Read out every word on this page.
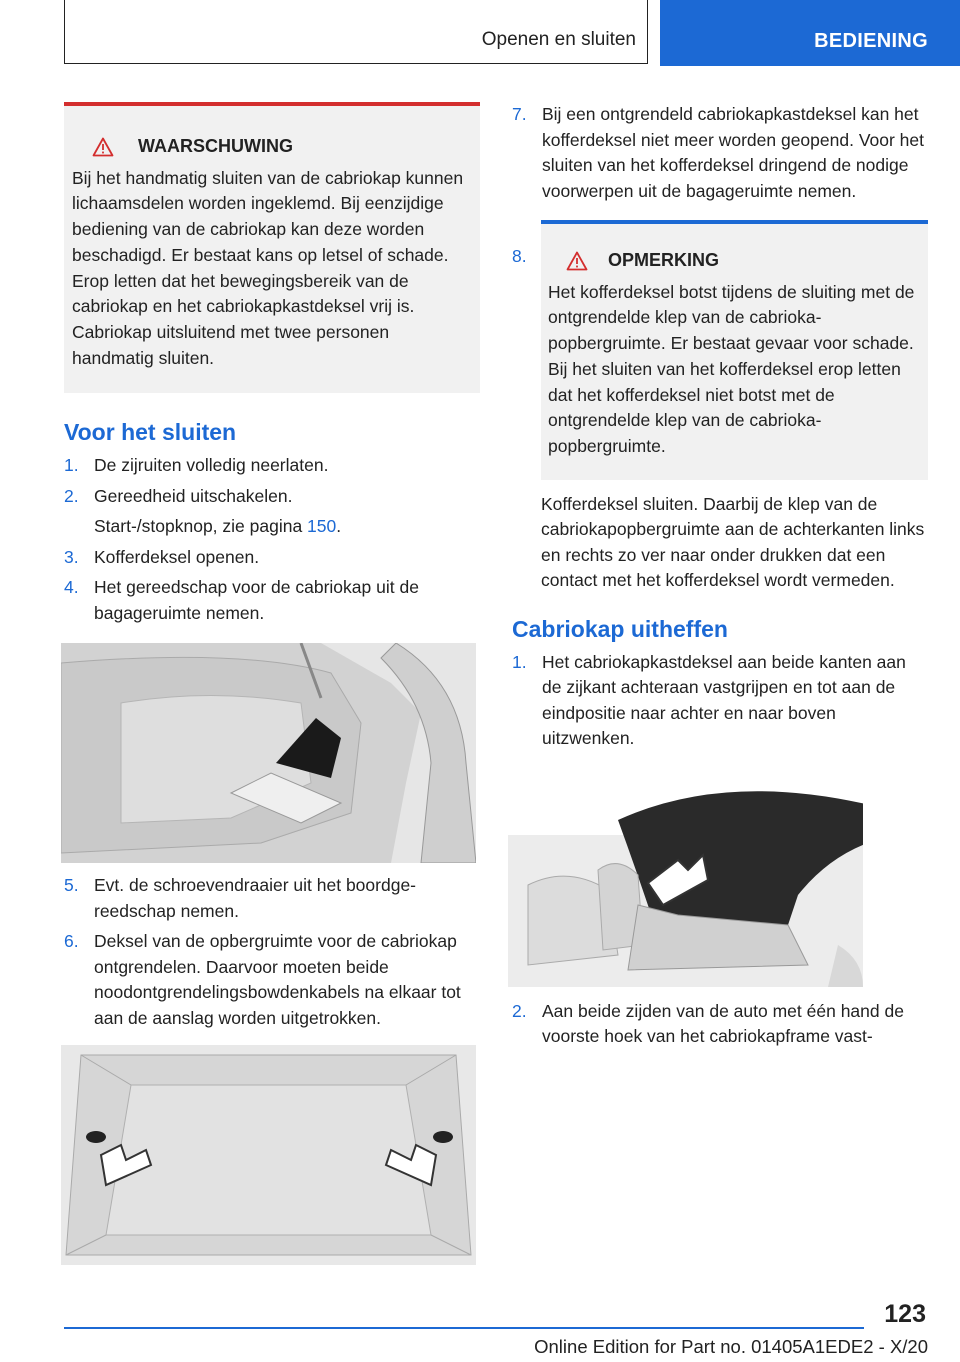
Openen en sluiten	BEDIENING
WAARSCHUWING

Bij het handmatig sluiten van de cabriokap kunnen lichaamsdelen worden ingeklemd. Bij eenzijdige bediening van de cabriokap kan deze worden beschadigd. Er bestaat kans op letsel of schade. Erop letten dat het bewegingsbereik van de cabriokap en het cabriokapkastdeksel vrij is. Cabriokap uitsluitend met twee personen handmatig sluiten.

Voor het sluiten
1. De zijruiten volledig neerlaten.
2. Gereedheid uitschakelen.
Start-/stopknop, zie pagina 150.
3. Kofferdeksel openen.
4. Het gereedschap voor de cabriokap uit de bagageruimte nemen.
5. Evt. de schroevendraaier uit het boordgereedschap nemen.
6. Deksel van de opbergruimte voor de cabriokap ontgrendelen. Daarvoor moeten beide noodontgrendelingsbowdenkabels na elkaar tot aan de aanslag worden uitgetrokken.
7. Bij een ontgrendeld cabriokapkastdeksel kan het kofferdeksel niet meer worden geopend. Voor het sluiten van het kofferdeksel dringend de nodige voorwerpen uit de bagageruimte nemen.
8.	OPMERKING

Het kofferdeksel botst tijdens de sluiting met de ontgrendelde klep van de cabriokapopbergruimte. Er bestaat gevaar voor schade. Bij het sluiten van het kofferdeksel erop letten dat het kofferdeksel niet botst met de ontgrendelde klep van de cabriokapopbergruimte.

Kofferdeksel sluiten. Daarbij de klep van de cabriokapopbergruimte aan de achterkanten links en rechts zo ver naar onder drukken dat een contact met het kofferdeksel wordt vermeden.

Cabriokap uitheffen
1. Het cabriokapkastdeksel aan beide kanten aan de zijkant achteraan vastgrijpen en tot aan de eindpositie naar achter en naar boven uitzwenken.
2. Aan beide zijden van de auto met één hand de voorste hoek van het cabriokapframe vast-
123
Online Edition for Part no. 01405A1EDE2 - X/20
